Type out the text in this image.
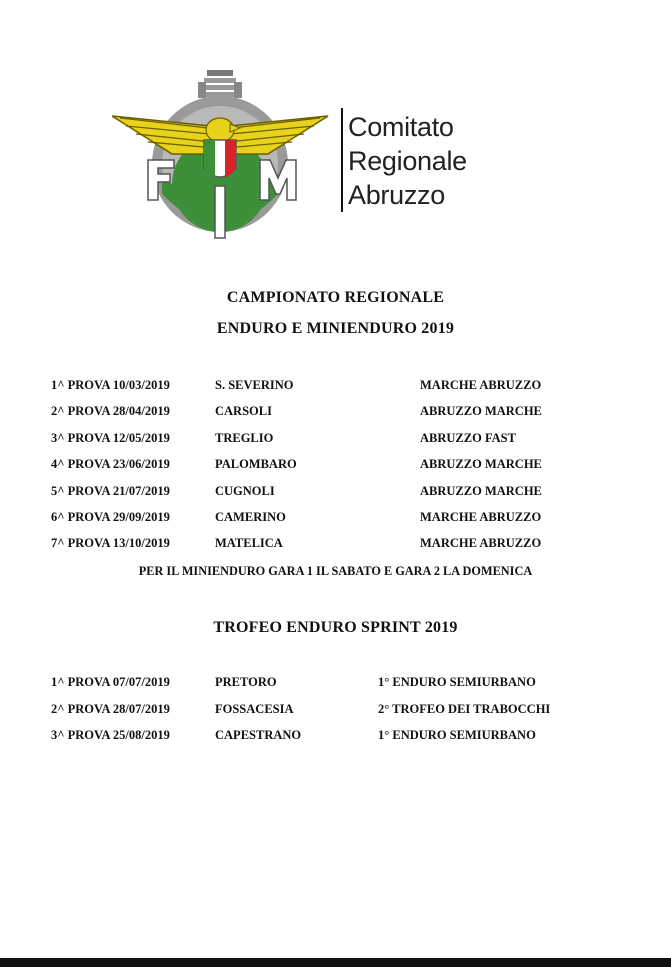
Comitato
Regionale
Abruzzo
CAMPIONATO REGIONALE
ENDURO E MINIENDURO 2019
1^ PROVA 10/03/2019	S. SEVERINO	MARCHE ABRUZZO
2^ PROVA 28/04/2019	CARSOLI	ABRUZZO MARCHE
3^ PROVA 12/05/2019	TREGLIO	ABRUZZO FAST
4^ PROVA 23/06/2019	PALOMBARO	ABRUZZO MARCHE
5^ PROVA 21/07/2019	CUGNOLI	ABRUZZO MARCHE
6^ PROVA 29/09/2019	CAMERINO	MARCHE ABRUZZO
7^ PROVA 13/10/2019	MATELICA	MARCHE ABRUZZO
PER IL MINIENDURO GARA 1 IL SABATO E GARA 2 LA DOMENICA
TROFEO ENDURO SPRINT 2019
1^ PROVA 07/07/2019	PRETORO	1° ENDURO SEMIURBANO
2^ PROVA 28/07/2019	FOSSACESIA	2° TROFEO DEI TRABOCCHI
3^ PROVA 25/08/2019	CAPESTRANO	1° ENDURO SEMIURBANO
